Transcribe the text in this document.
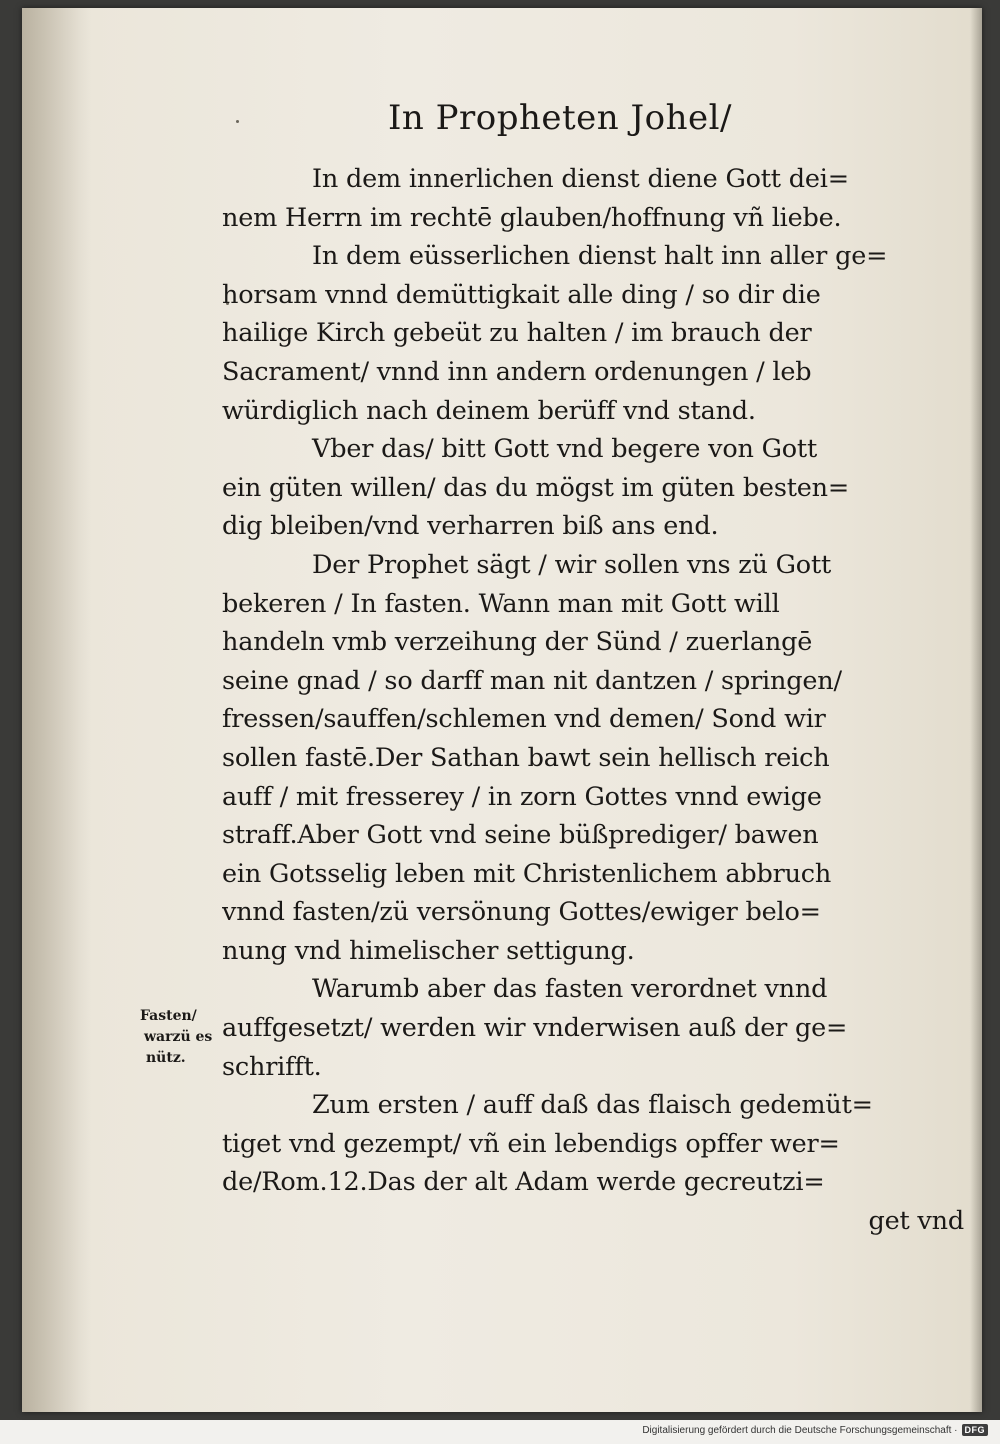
In Propheten Johel/
In dem innerlichen dienst diene Gott dei=
nem Herrn im rechtē glauben/hoffnung vñ liebe.
In dem eüsserlichen dienst halt inn aller ge=
horsam vnnd demüttigkait alle ding / so dir die
hailige Kirch gebeüt zu halten / im brauch der
Sacrament/ vnnd inn andern ordenungen / leb
würdiglich nach deinem berüff vnd stand.
Vber das/ bitt Gott vnd begere von Gott
ein güten willen/ das du mögst im güten besten=
dig bleiben/vnd verharren biß ans end.
Der Prophet sägt / wir sollen vns zü Gott
bekeren / In fasten. Wann man mit Gott will
handeln vmb verzeihung der Sünd / zuerlangē
seine gnad / so darff man nit dantzen / springen/
fressen/sauffen/schlemen vnd demen/ Sond wir
sollen fastē.Der Sathan bawt sein hellisch reich
auff / mit fresserey / in zorn Gottes vnnd ewige
straff.Aber Gott vnd seine büßprediger/ bawen
ein Gotsselig leben mit Christenlichem abbruch
vnnd fasten/zü versönung Gottes/ewiger belo=
nung vnd himelischer settigung.
Warumb aber das fasten verordnet vnnd
auffgesetzt/ werden wir vnderwisen auß der ge=
schrifft.
Zum ersten / auff daß das flaisch gedemüt=
tiget vnd gezempt/ vñ ein lebendigs opffer wer=
de/Rom.12.Das der alt Adam werde gecreutzi=
get vnd
Fasten/
warzü es
nütz.
Digitalisierung gefördert durch die Deutsche Forschungsgemeinschaft · DFG
